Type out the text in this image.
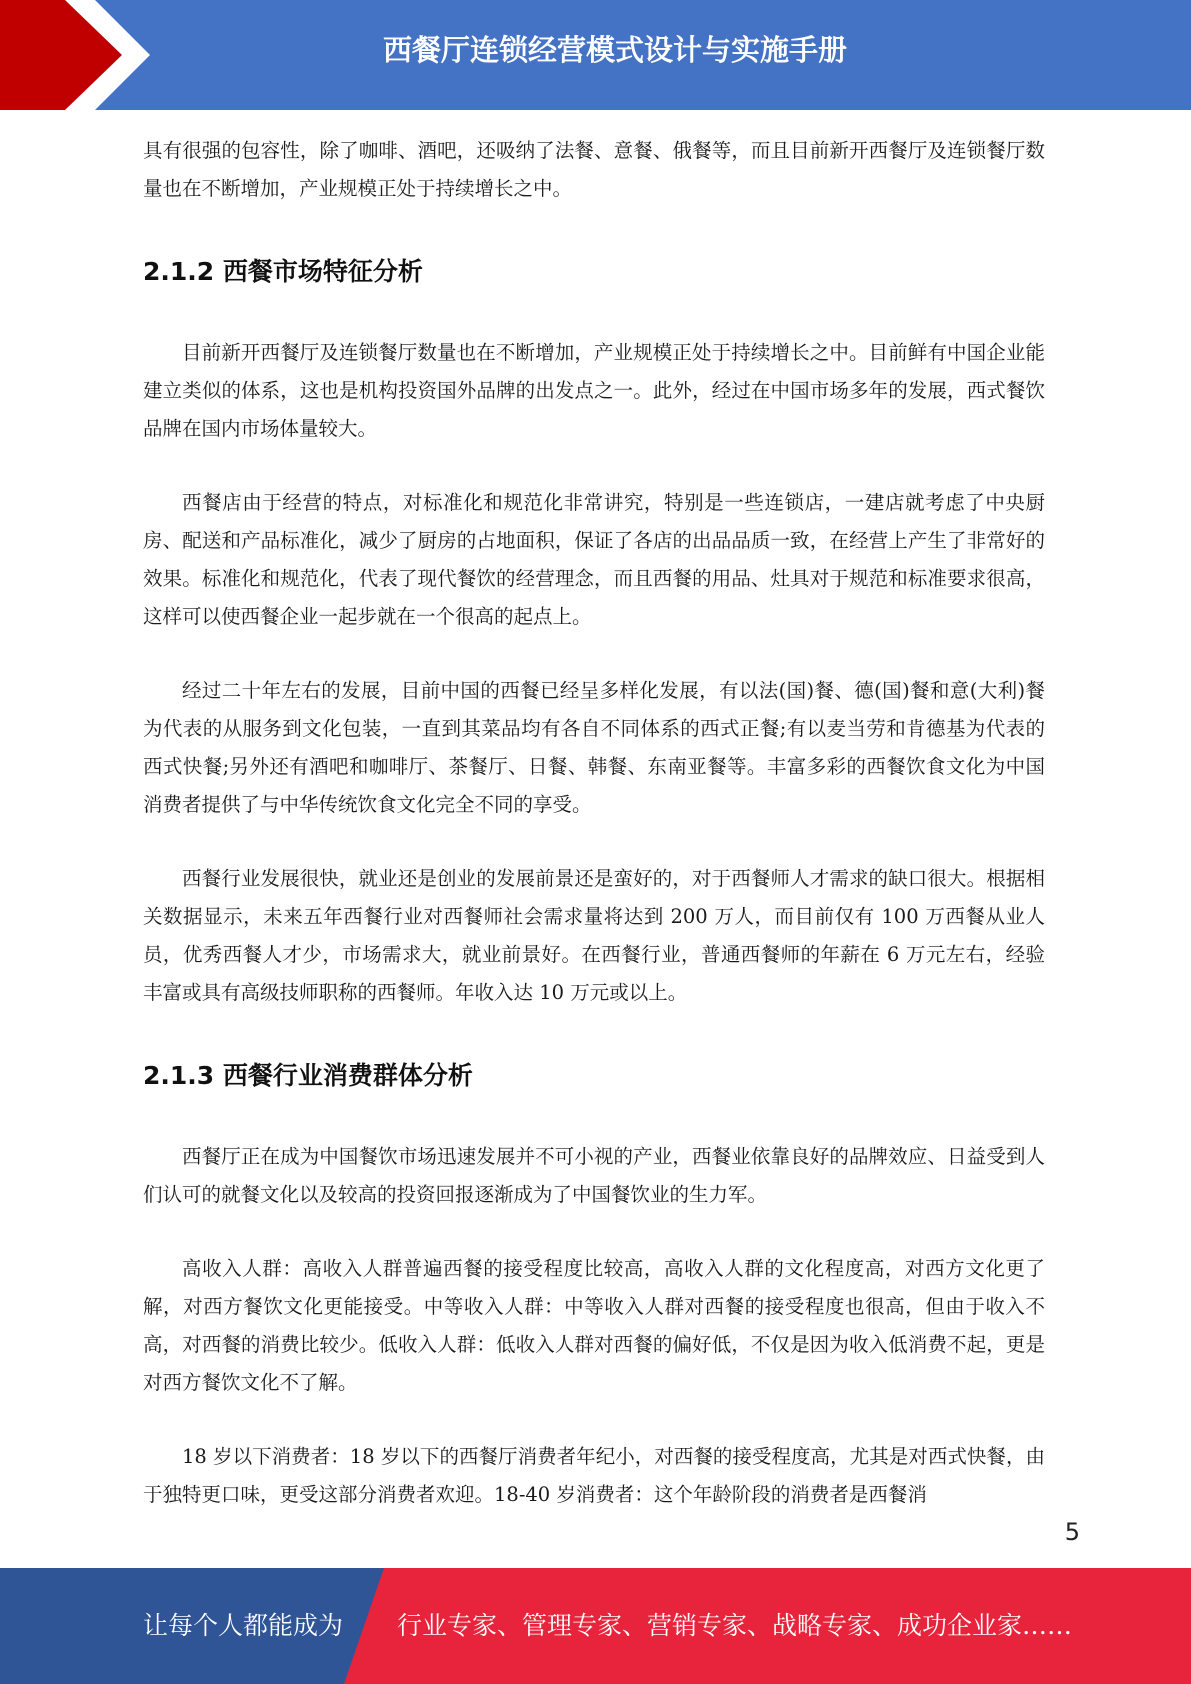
西餐厅连锁经营模式设计与实施手册

具有很强的包容性，除了咖啡、酒吧，还吸纳了法餐、意餐、俄餐等，而且目前新开西餐厅及连锁餐厅数量也在不断增加，产业规模正处于持续增长之中。

2.1.2 西餐市场特征分析

目前新开西餐厅及连锁餐厅数量也在不断增加，产业规模正处于持续增长之中。目前鲜有中国企业能建立类似的体系，这也是机构投资国外品牌的出发点之一。此外，经过在中国市场多年的发展，西式餐饮品牌在国内市场体量较大。

西餐店由于经营的特点，对标准化和规范化非常讲究，特别是一些连锁店，一建店就考虑了中央厨房、配送和产品标准化，减少了厨房的占地面积，保证了各店的出品品质一致，在经营上产生了非常好的效果。标准化和规范化，代表了现代餐饮的经营理念，而且西餐的用品、灶具对于规范和标准要求很高，这样可以使西餐企业一起步就在一个很高的起点上。

经过二十年左右的发展，目前中国的西餐已经呈多样化发展，有以法(国)餐、德(国)餐和意(大利)餐为代表的从服务到文化包装，一直到其菜品均有各自不同体系的西式正餐;有以麦当劳和肯德基为代表的西式快餐;另外还有酒吧和咖啡厅、茶餐厅、日餐、韩餐、东南亚餐等。丰富多彩的西餐饮食文化为中国消费者提供了与中华传统饮食文化完全不同的享受。

西餐行业发展很快，就业还是创业的发展前景还是蛮好的，对于西餐师人才需求的缺口很大。根据相关数据显示，未来五年西餐行业对西餐师社会需求量将达到 200 万人，而目前仅有 100 万西餐从业人员，优秀西餐人才少，市场需求大，就业前景好。在西餐行业，普通西餐师的年薪在 6 万元左右，经验丰富或具有高级技师职称的西餐师。年收入达 10 万元或以上。

2.1.3 西餐行业消费群体分析

西餐厅正在成为中国餐饮市场迅速发展并不可小视的产业，西餐业依靠良好的品牌效应、日益受到人们认可的就餐文化以及较高的投资回报逐渐成为了中国餐饮业的生力军。

高收入人群：高收入人群普遍西餐的接受程度比较高，高收入人群的文化程度高，对西方文化更了解，对西方餐饮文化更能接受。中等收入人群：中等收入人群对西餐的接受程度也很高，但由于收入不高，对西餐的消费比较少。低收入人群：低收入人群对西餐的偏好低，不仅是因为收入低消费不起，更是对西方餐饮文化不了解。

18 岁以下消费者：18 岁以下的西餐厅消费者年纪小，对西餐的接受程度高，尤其是对西式快餐，由于独特更口味，更受这部分消费者欢迎。18-40 岁消费者：这个年龄阶段的消费者是西餐消

5
让每个人都能成为 行业专家、管理专家、营销专家、战略专家、成功企业家……
